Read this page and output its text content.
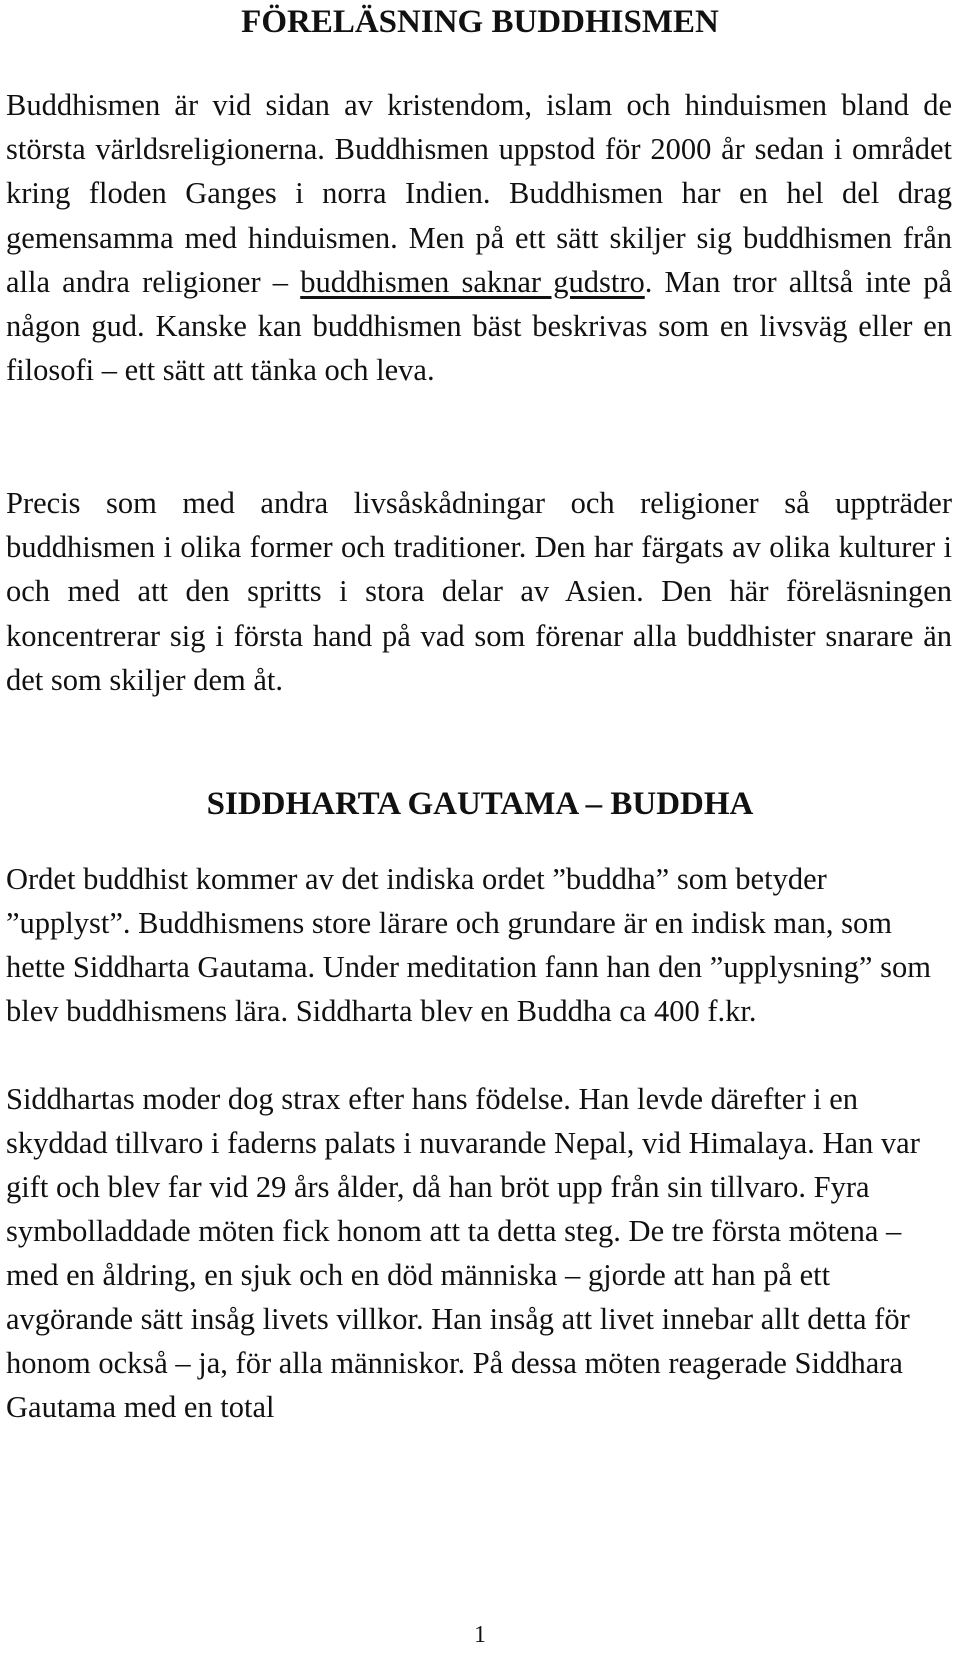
FÖRELÄSNING BUDDHISMEN

Buddhismen är vid sidan av kristendom, islam och hinduismen bland de största världsreligionerna. Buddhismen uppstod för 2000 år sedan i området kring floden Ganges i norra Indien. Buddhismen har en hel del drag gemensamma med hinduismen. Men på ett sätt skiljer sig buddhismen från alla andra religioner – buddhismen saknar gudstro. Man tror alltså inte på någon gud. Kanske kan buddhismen bäst beskrivas som en livsväg eller en filosofi – ett sätt att tänka och leva.

Precis som med andra livsåskådningar och religioner så uppträder buddhismen i olika former och traditioner. Den har färgats av olika kulturer i och med att den spritts i stora delar av Asien. Den här föreläsningen koncentrerar sig i första hand på vad som förenar alla buddhister snarare än det som skiljer dem åt.

SIDDHARTA GAUTAMA – BUDDHA

Ordet buddhist kommer av det indiska ordet ”buddha” som betyder ”upplyst”. Buddhismens store lärare och grundare är en indisk man, som hette Siddharta Gautama. Under meditation fann han den ”upplysning” som blev buddhismens lära. Siddharta blev en Buddha ca 400 f.kr.

Siddhartas moder dog strax efter hans födelse. Han levde därefter i en skyddad tillvaro i faderns palats i nuvarande Nepal, vid Himalaya. Han var gift och blev far vid 29 års ålder, då han bröt upp från sin tillvaro. Fyra symbolladdade möten fick honom att ta detta steg. De tre första mötena – med en åldring, en sjuk och en död människa – gjorde att han på ett avgörande sätt insåg livets villkor. Han insåg att livet innebar allt detta för honom också – ja, för alla människor. På dessa möten reagerade Siddhara Gautama med en total

1
